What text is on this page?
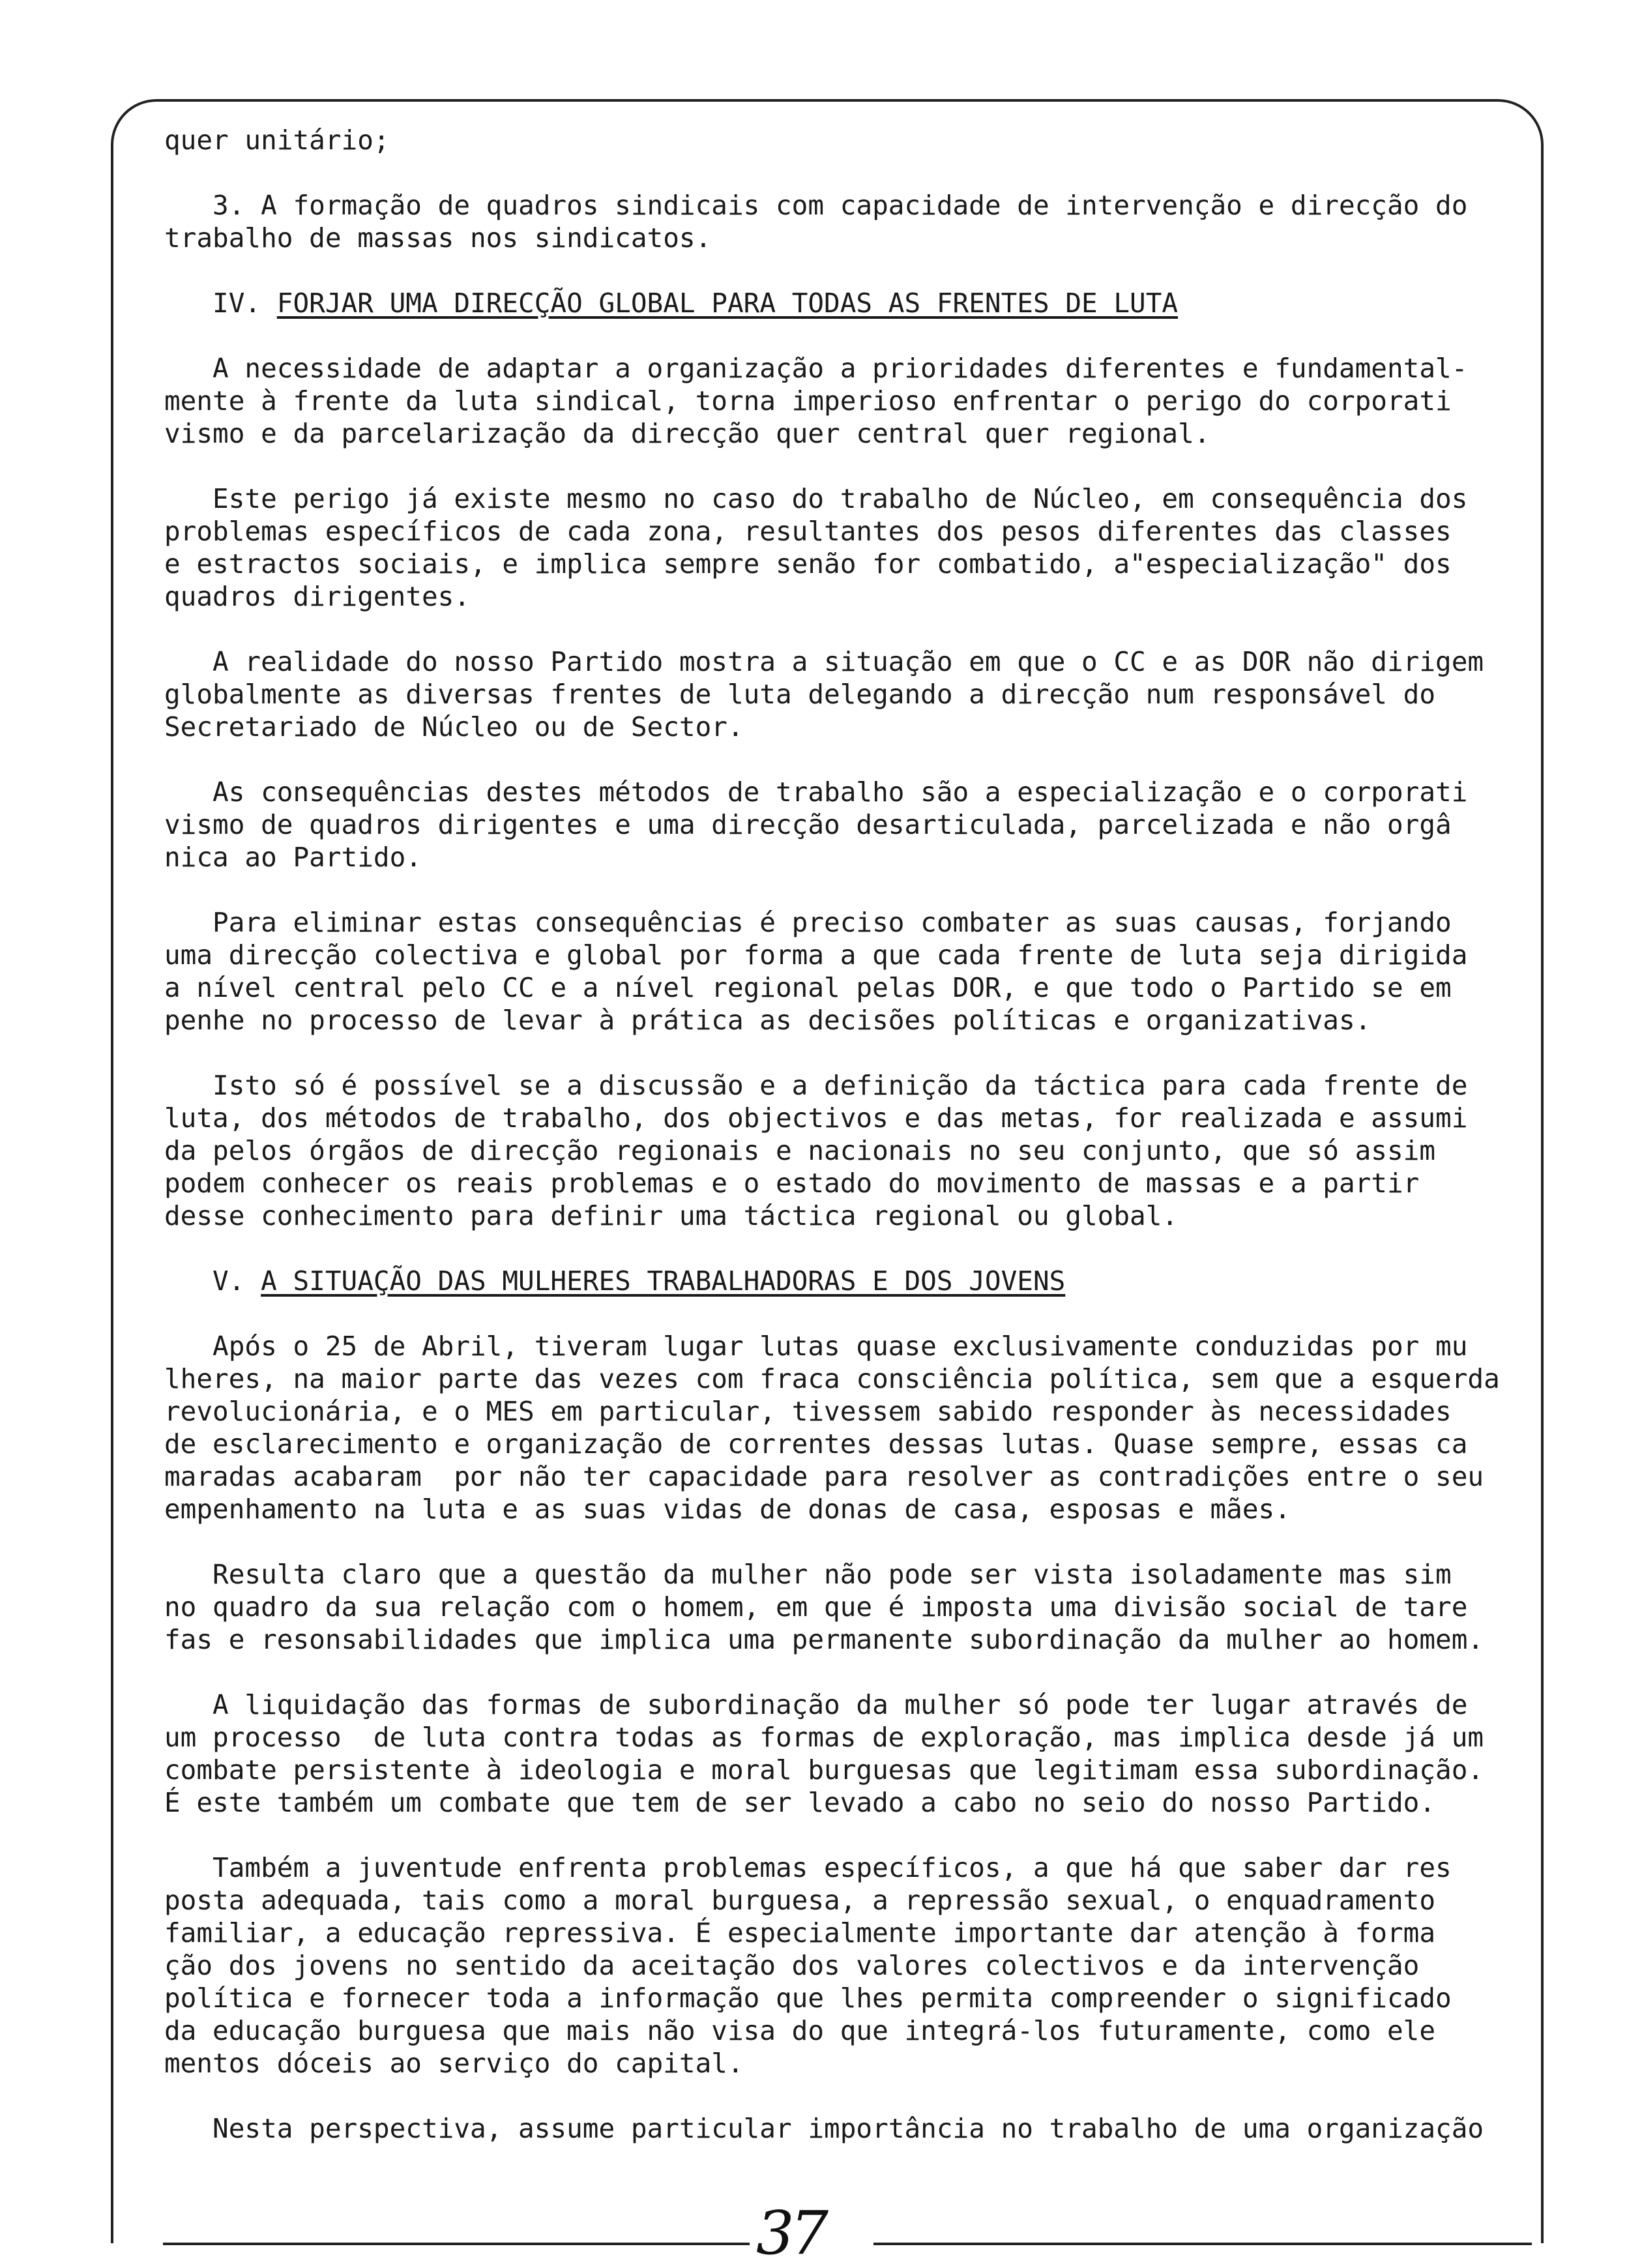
quer unitário;
3. A formação de quadros sindicais com capacidade de intervenção e direcção do
trabalho de massas nos sindicatos.
IV. FORJAR UMA DIRECÇÃO GLOBAL PARA TODAS AS FRENTES DE LUTA
A necessidade de adaptar a organização a prioridades diferentes e fundamental-
mente à frente da luta sindical, torna imperioso enfrentar o perigo do corporati
vismo e da parcelarização da direcção quer central quer regional.
Este perigo já existe mesmo no caso do trabalho de Núcleo, em consequência dos
problemas específicos de cada zona, resultantes dos pesos diferentes das classes
e estractos sociais, e implica sempre senão for combatido, a"especialização" dos
quadros dirigentes.
A realidade do nosso Partido mostra a situação em que o CC e as DOR não dirigem
globalmente as diversas frentes de luta delegando a direcção num responsável do
Secretariado de Núcleo ou de Sector.
As consequências destes métodos de trabalho são a especialização e o corporati
vismo de quadros dirigentes e uma direcção desarticulada, parcelizada e não orgâ
nica ao Partido.
Para eliminar estas consequências é preciso combater as suas causas, forjando
uma direcção colectiva e global por forma a que cada frente de luta seja dirigida
a nível central pelo CC e a nível regional pelas DOR, e que todo o Partido se em
penhe no processo de levar à prática as decisões políticas e organizativas.
Isto só é possível se a discussão e a definição da táctica para cada frente de
luta, dos métodos de trabalho, dos objectivos e das metas, for realizada e assumi
da pelos órgãos de direcção regionais e nacionais no seu conjunto, que só assim
podem conhecer os reais problemas e o estado do movimento de massas e a partir
desse conhecimento para definir uma táctica regional ou global.
V. A SITUAÇÃO DAS MULHERES TRABALHADORAS E DOS JOVENS
Após o 25 de Abril, tiveram lugar lutas quase exclusivamente conduzidas por mu
lheres, na maior parte das vezes com fraca consciência política, sem que a esquerda
revolucionária, e o MES em particular, tivessem sabido responder às necessidades
de esclarecimento e organização de correntes dessas lutas. Quase sempre, essas ca
maradas acabaram  por não ter capacidade para resolver as contradições entre o seu
empenhamento na luta e as suas vidas de donas de casa, esposas e mães.
Resulta claro que a questão da mulher não pode ser vista isoladamente mas sim
no quadro da sua relação com o homem, em que é imposta uma divisão social de tare
fas e resonsabilidades que implica uma permanente subordinação da mulher ao homem.
A liquidação das formas de subordinação da mulher só pode ter lugar através de
um processo  de luta contra todas as formas de exploração, mas implica desde já um
combate persistente à ideologia e moral burguesas que legitimam essa subordinação.
É este também um combate que tem de ser levado a cabo no seio do nosso Partido.
Também a juventude enfrenta problemas específicos, a que há que saber dar res
posta adequada, tais como a moral burguesa, a repressão sexual, o enquadramento
familiar, a educação repressiva. É especialmente importante dar atenção à forma
ção dos jovens no sentido da aceitação dos valores colectivos e da intervenção
política e fornecer toda a informação que lhes permita compreender o significado
da educação burguesa que mais não visa do que integrá-los futuramente, como ele
mentos dóceis ao serviço do capital.
Nesta perspectiva, assume particular importância no trabalho de uma organização
37
